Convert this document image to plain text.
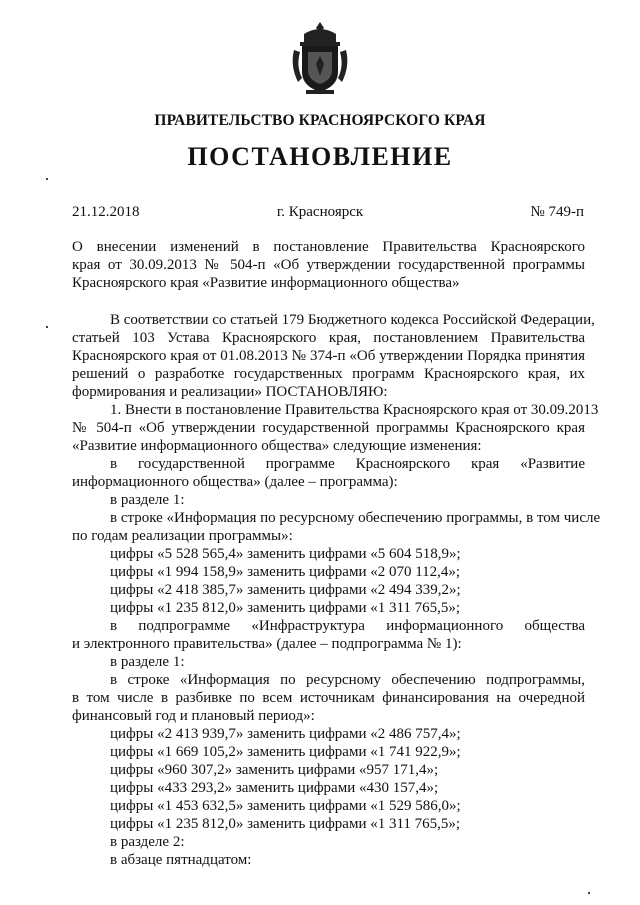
ПРАВИТЕЛЬСТВО КРАСНОЯРСКОГО КРАЯ
ПОСТАНОВЛЕНИЕ
21.12.2018	г. Красноярск	№ 749-п

О внесении изменений в постановление Правительства Красноярского

края от 30.09.2013 № 504-п «Об утверждении государственной программы

Красноярского края «Развитие информационного общества»

В соответствии со статьей 179 Бюджетного кодекса Российской Федерации,

статьей 103 Устава Красноярского края, постановлением Правительства

Красноярского края от 01.08.2013 № 374-п «Об утверждении Порядка принятия

решений о разработке государственных программ Красноярского края, их

формирования и реализации» ПОСТАНОВЛЯЮ:

1. Внести в постановление Правительства Красноярского края от 30.09.2013

№ 504-п «Об утверждении государственной программы Красноярского края

«Развитие информационного общества» следующие изменения:

в государственной программе Красноярского края «Развитие

информационного общества» (далее – программа):

в разделе 1:

в строке «Информация по ресурсному обеспечению программы, в том числе

по годам реализации программы»:

цифры «5 528 565,4» заменить цифрами «5 604 518,9»;

цифры «1 994 158,9» заменить цифрами «2 070 112,4»;

цифры «2 418 385,7» заменить цифрами «2 494 339,2»;

цифры «1 235 812,0» заменить цифрами «1 311 765,5»;

в подпрограмме «Инфраструктура информационного общества

и электронного правительства» (далее – подпрограмма № 1):

в разделе 1:

в строке «Информация по ресурсному обеспечению подпрограммы,

в том числе в разбивке по всем источникам финансирования на очередной

финансовый год и плановый период»:

цифры «2 413 939,7» заменить цифрами «2 486 757,4»;

цифры «1 669 105,2» заменить цифрами «1 741 922,9»;

цифры «960 307,2» заменить цифрами «957 171,4»;

цифры «433 293,2» заменить цифрами «430 157,4»;

цифры «1 453 632,5» заменить цифрами «1 529 586,0»;

цифры «1 235 812,0» заменить цифрами «1 311 765,5»;

в разделе 2:

в абзаце пятнадцатом:
